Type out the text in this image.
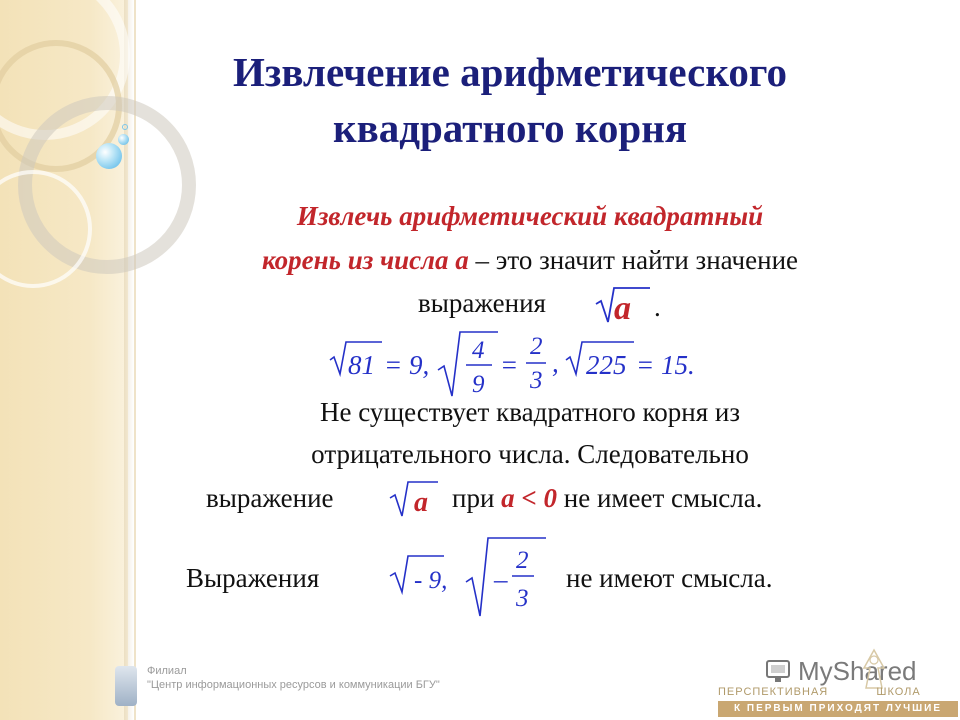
Извлечение арифметического
квадратного корня
Извлечь арифметический квадратный
корень из числа a – это значит найти значение
выражения	a .
81 = 9, 4
9
=
2
3
, 225 = 15.
Не существует квадратного корня из
отрицательного числа. Следовательно
выражение	a при a < 0 не имеет смысла.
Выражения	- 9, –
2
3
не имеют смысла.
Филиал
"Центр информационных ресурсов и коммуникации БГУ"	MyShared
ПЕРСПЕКТИВНАЯ	ШКОЛА
К ПЕРВЫМ ПРИХОДЯТ ЛУЧШИЕ
